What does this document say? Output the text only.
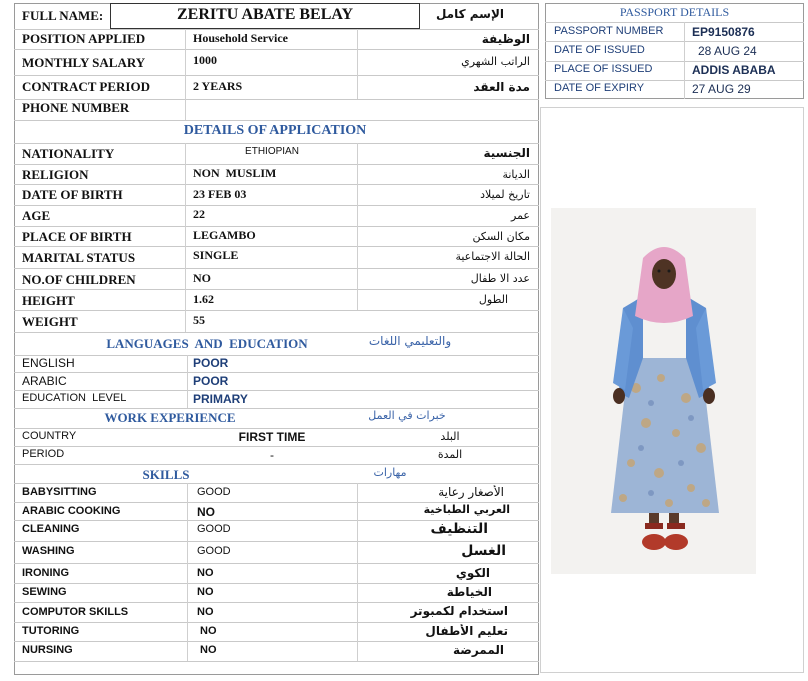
FULL NAME:	ZERITU ABATE BELAY	الإسم كامل
POSITION APPLIED	Household Service	الوظيفة
MONTHLY SALARY	1000	الراتب الشهري
CONTRACT PERIOD	2 YEARS	مدة العقد
PHONE NUMBER
DETAILS OF APPLICATION
NATIONALITY	ETHIOPIAN	الجنسية
RELIGION	NON  MUSLIM	الديانة
DATE OF BIRTH	23 FEB 03	تاريخ لميلاد
AGE	22	عمر
PLACE OF BIRTH	LEGAMBO	مكان السكن
MARITAL STATUS	SINGLE	الحالة الاجتماعية
NO.OF CHILDREN	NO	عدد الا طفال
HEIGHT	1.62	الطول
WEIGHT	55
LANGUAGES  AND  EDUCATION	والتعليمي اللغات
ENGLISH	POOR
ARABIC	POOR
EDUCATION  LEVEL	PRIMARY
WORK EXPERIENCE	خبرات في العمل
COUNTRY	FIRST TIME	البلد
PERIOD	-	المدة
SKILLS	مهارات
BABYSITTING	GOOD	الأصغار رعاية
ARABIC COOKING	NO	العربي الطباخية
CLEANING	GOOD	التنظيف
WASHING	GOOD	الغسل
IRONING	NO	الكوي
SEWING	NO	الخياطة
COMPUTOR SKILLS	NO	استخدام لكمبوتر
TUTORING	NO	تعليم الأطفال
NURSING	NO	الممرضة
PASSPORT DETAILS
PASSPORT NUMBER	EP9150876
DATE OF ISSUED	28 AUG 24
PLACE OF ISSUED	ADDIS ABABA
DATE OF EXPIRY	27 AUG 29
